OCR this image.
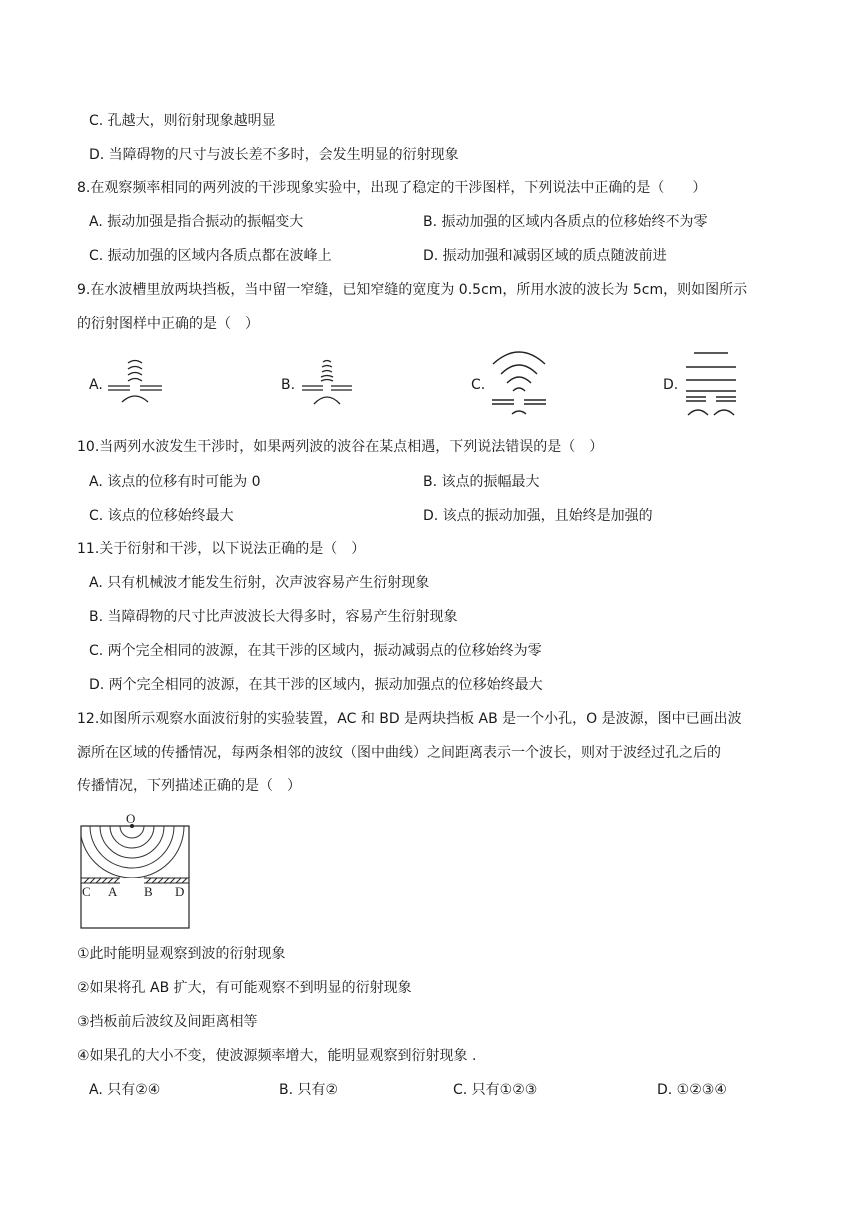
C. 孔越大，则衍射现象越明显
D. 当障碍物的尺寸与波长差不多时，会发生明显的衍射现象
8.在观察频率相同的两列波的干涉现象实验中，出现了稳定的干涉图样，下列说法中正确的是（　　）
A. 振动加强是指合振动的振幅变大	B. 振动加强的区域内各质点的位移始终不为零
C. 振动加强的区域内各质点都在波峰上	D. 振动加强和减弱区域的质点随波前进
9.在水波槽里放两块挡板，当中留一窄缝，已知窄缝的宽度为 0.5cm，所用水波的波长为 5cm，则如图所示
的衍射图样中正确的是（　）
A.	B.	C.	D.
10.当两列水波发生干涉时，如果两列波的波谷在某点相遇，下列说法错误的是（　）
A. 该点的位移有时可能为 0	B. 该点的振幅最大
C. 该点的位移始终最大	D. 该点的振动加强，且始终是加强的
11.关于衍射和干涉，以下说法正确的是（　）
A. 只有机械波才能发生衍射，次声波容易产生衍射现象
B. 当障碍物的尺寸比声波波长大得多时，容易产生衍射现象
C. 两个完全相同的波源，在其干涉的区域内，振动减弱点的位移始终为零
D. 两个完全相同的波源，在其干涉的区域内，振动加强点的位移始终最大
12.如图所示观察水面波衍射的实验装置，AC 和 BD 是两块挡板 AB 是一个小孔，O 是波源，图中已画出波
源所在区域的传播情况，每两条相邻的波纹（图中曲线）之间距离表示一个波长，则对于波经过孔之后的
传播情况，下列描述正确的是（　）
O
C A B D
①此时能明显观察到波的衍射现象
②如果将孔 AB 扩大，有可能观察不到明显的衍射现象
③挡板前后波纹及间距离相等
④如果孔的大小不变，使波源频率增大，能明显观察到衍射现象 .
A. 只有②④	B. 只有②	C. 只有①②③	D. ①②③④
